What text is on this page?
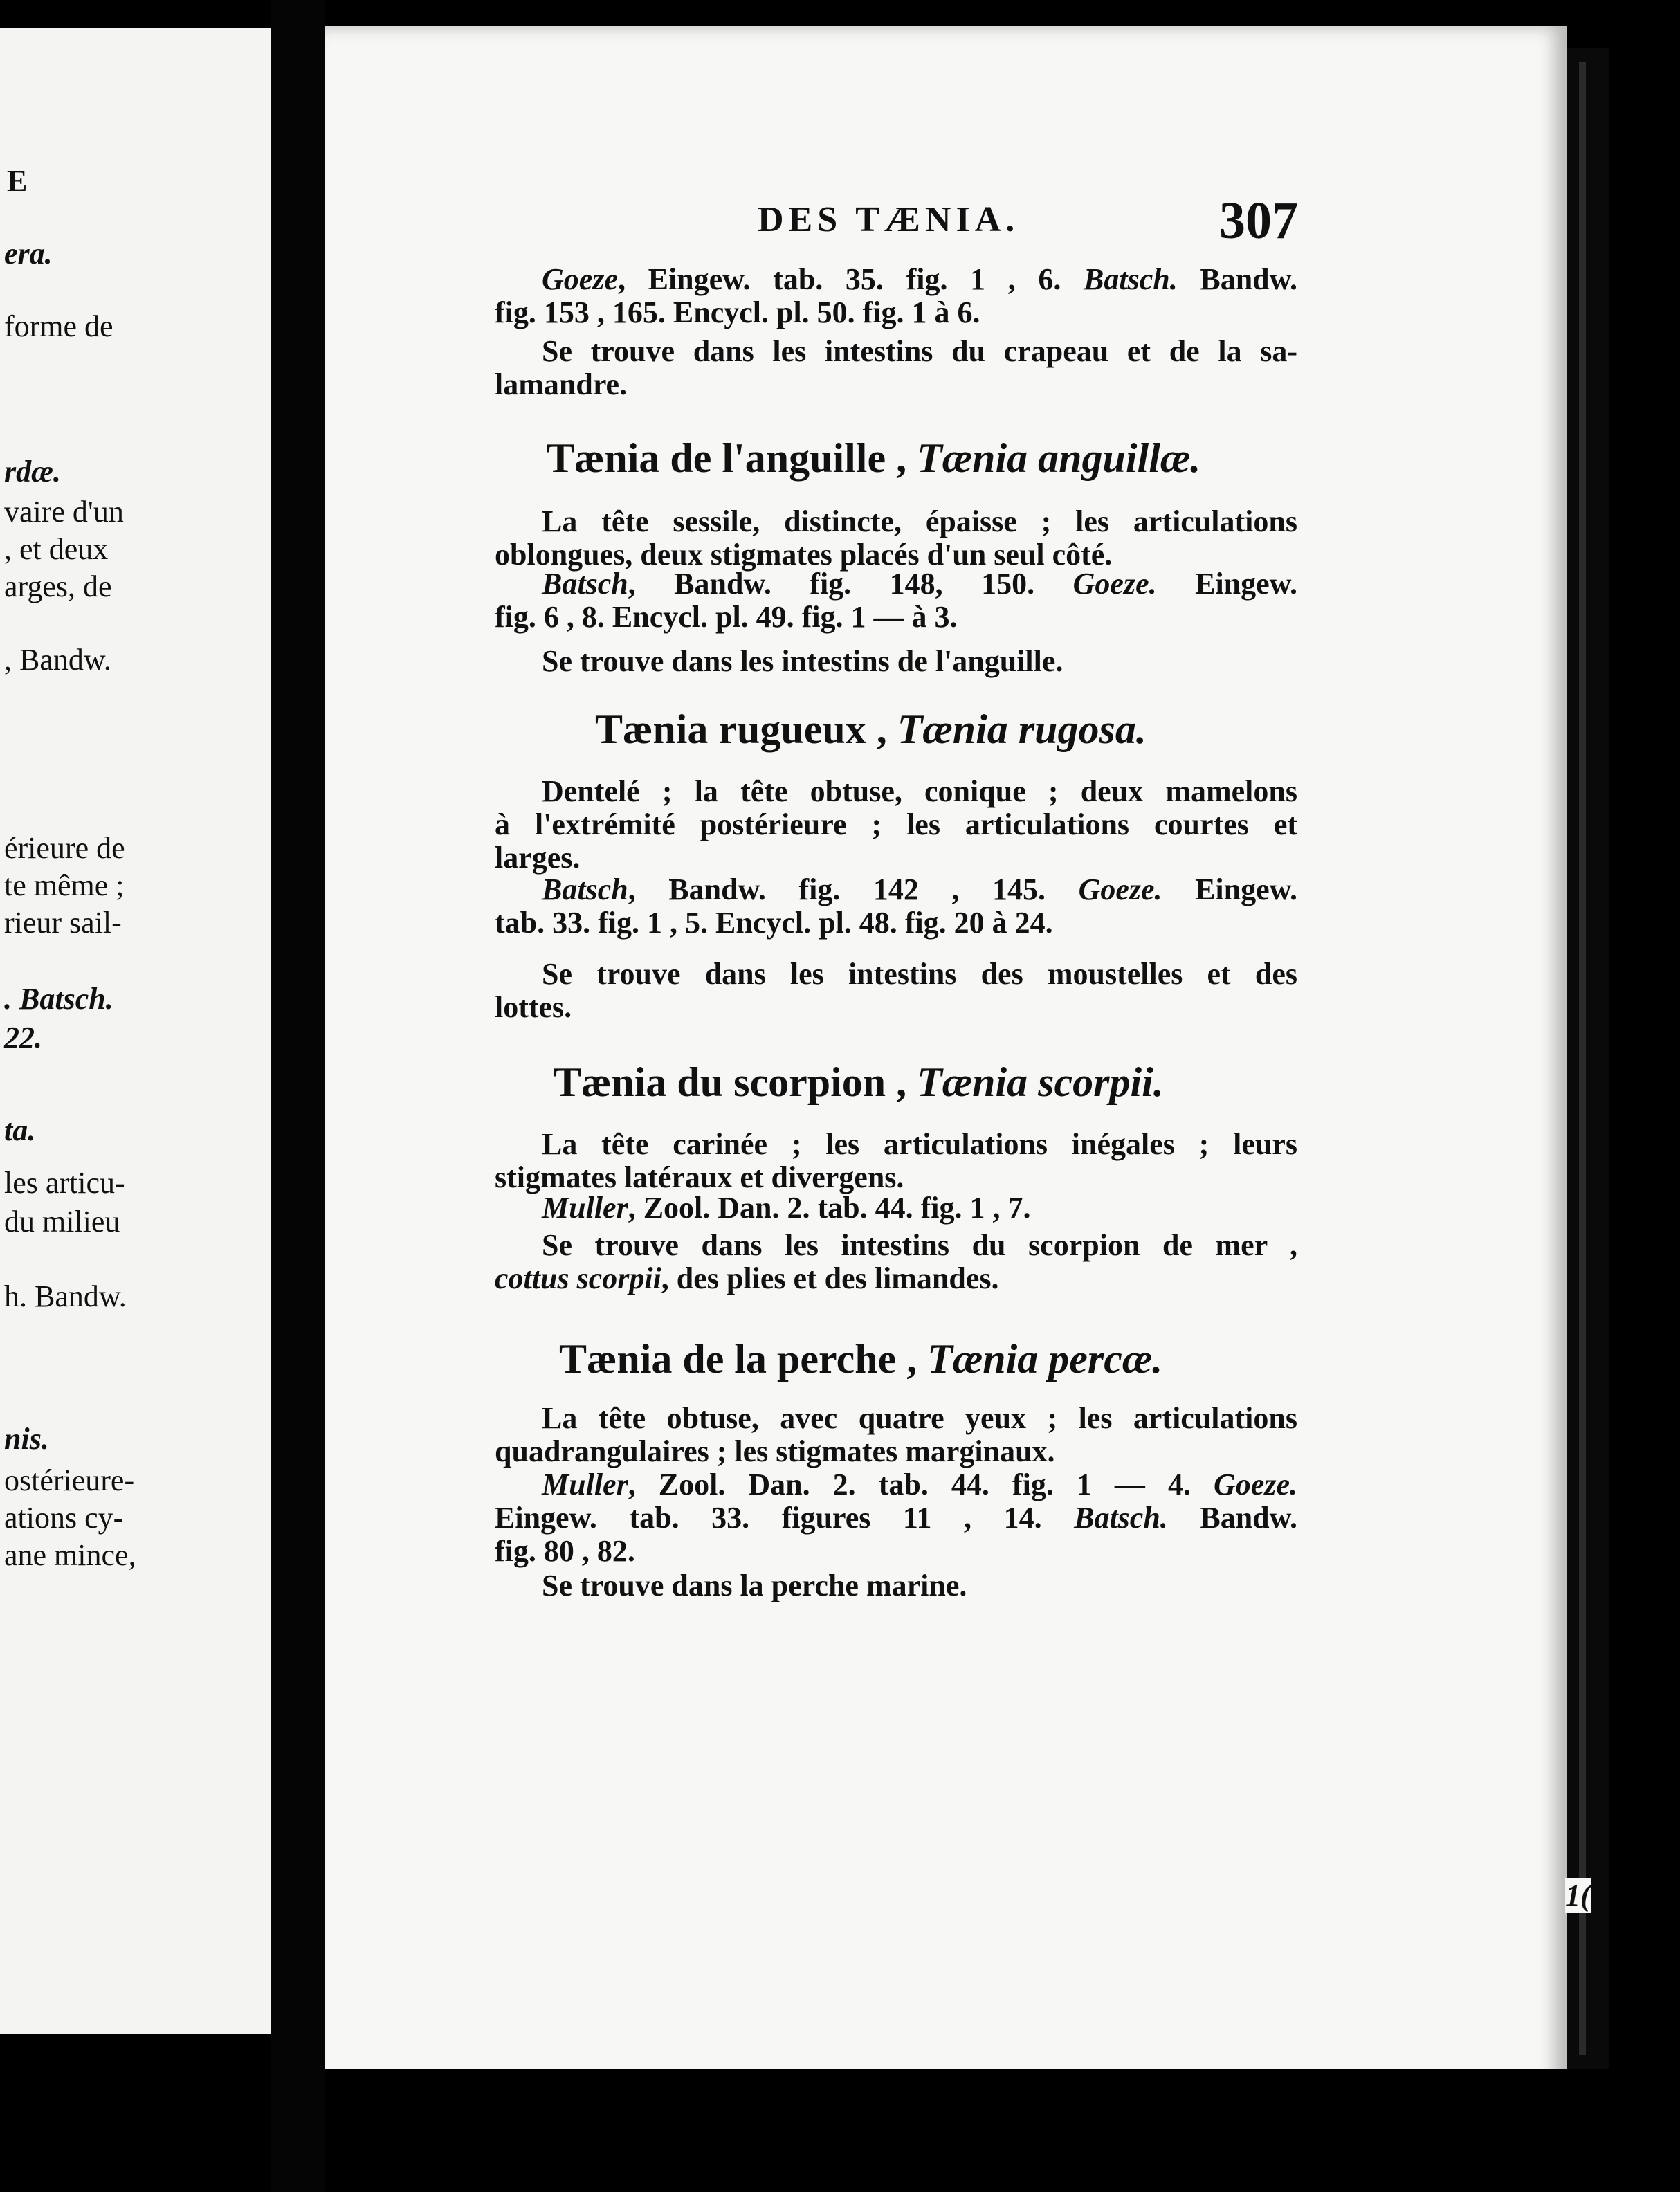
E
era.
forme de
rdæ.
vaire d'un
, et deux
arges, de
, Bandw.
érieure de
te même ;
rieur sail-
. Batsch.
22.
ta.
les articu-
du milieu
h. Bandw.
nis.
ostérieure-
ations cy-
ane mince,
DES TÆNIA.	307
Goeze, Eingew. tab. 35. fig. 1 , 6. Batsch. Bandw.
fig. 153 , 165. Encycl. pl. 50. fig. 1 à 6.
Se trouve dans les intestins du crapeau et de la sa-
lamandre.
Tænia de l'anguille , Tænia anguillæ.
La tête sessile, distincte, épaisse ; les articulations
oblongues, deux stigmates placés d'un seul côté.
Batsch, Bandw. fig. 148, 150. Goeze. Eingew.
fig. 6 , 8. Encycl. pl. 49. fig. 1 — à 3.
Se trouve dans les intestins de l'anguille.
Tænia rugueux , Tænia rugosa.
Dentelé ; la tête obtuse, conique ; deux mamelons
à l'extrémité postérieure ; les articulations courtes et
larges.
Batsch, Bandw. fig. 142 , 145. Goeze. Eingew.
tab. 33. fig. 1 , 5. Encycl. pl. 48. fig. 20 à 24.
Se trouve dans les intestins des moustelles et des
lottes.
Tænia du scorpion , Tænia scorpii.
La tête carinée ; les articulations inégales ; leurs
stigmates latéraux et divergens.
Muller, Zool. Dan. 2. tab. 44. fig. 1 , 7.
Se trouve dans les intestins du scorpion de mer ,
cottus scorpii, des plies et des limandes.
Tænia de la perche , Tænia percæ.
La tête obtuse, avec quatre yeux ; les articulations
quadrangulaires ; les stigmates marginaux.
Muller, Zool. Dan. 2. tab. 44. fig. 1 — 4. Goeze.
Eingew. tab. 33. figures 11 , 14. Batsch. Bandw.
fig. 80 , 82.
Se trouve dans la perche marine.
1(
